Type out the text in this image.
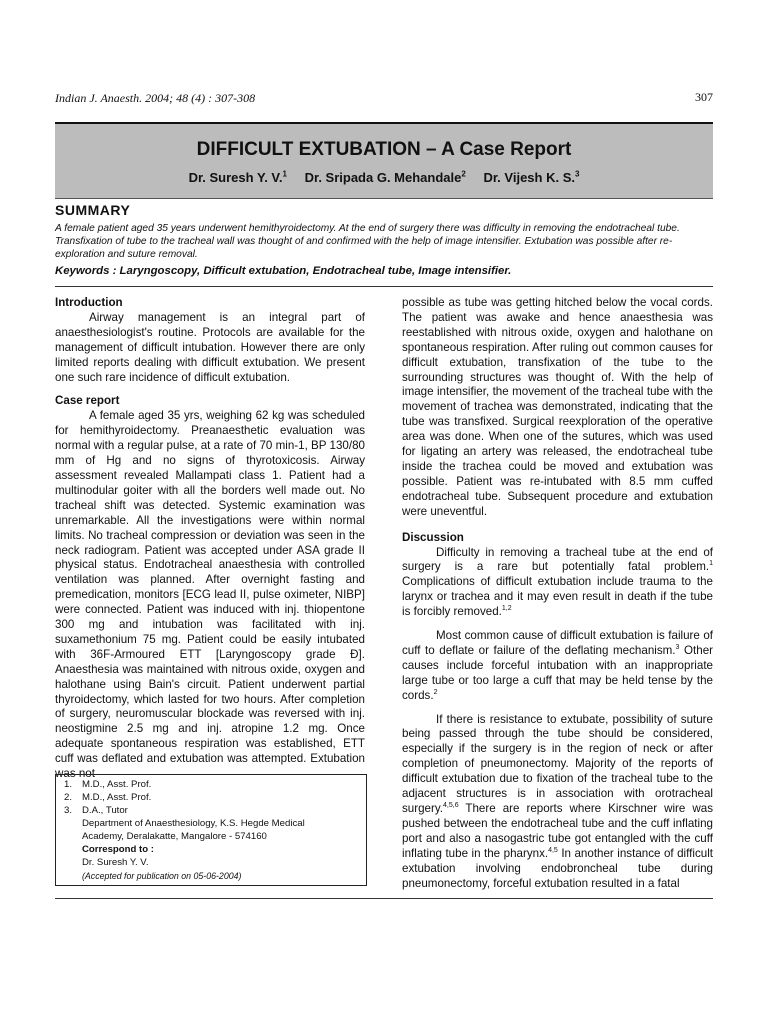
Indian J. Anaesth. 2004; 48 (4) : 307-308	307
DIFFICULT EXTUBATION – A Case Report
Dr. Suresh Y. V.$^1$ Dr. Sripada G. Mehandale$^2$ Dr. Vijesh K. S.$^3$
SUMMARY
A female patient aged 35 years underwent hemithyroidectomy. At the end of surgery there was difficulty in removing the endotracheal tube. Transfixation of tube to the tracheal wall was thought of and confirmed with the help of image intensifier. Extubation was possible after re-exploration and suture removal.
Keywords : Laryngoscopy, Difficult extubation, Endotracheal tube, Image intensifier.
Introduction

Airway management is an integral part of anaesthesiologist's routine. Protocols are available for the management of difficult intubation. However there are only limited reports dealing with difficult extubation. We present one such rare incidence of difficult extubation.

Case report

A female aged 35 yrs, weighing 62 kg was scheduled for hemithyroidectomy. Preanaesthetic evaluation was normal with a regular pulse, at a rate of 70 min-1, BP 130/80 mm of Hg and no signs of thyrotoxicosis. Airway assessment revealed Mallampati class 1. Patient had a multinodular goiter with all the borders well made out. No tracheal shift was detected. Systemic examination was unremarkable. All the investigations were within normal limits. No tracheal compression or deviation was seen in the neck radiogram. Patient was accepted under ASA grade II physical status. Endotracheal anaesthesia with controlled ventilation was planned. After overnight fasting and premedication, monitors [ECG lead II, pulse oximeter, NIBP] were connected. Patient was induced with inj. thiopentone 300 mg and intubation was facilitated with inj. suxamethonium 75 mg. Patient could be easily intubated with 36F-Armoured ETT [Laryngoscopy grade Ð]. Anaesthesia was maintained with nitrous oxide, oxygen and halothane using Bain's circuit. Patient underwent partial thyroidectomy, which lasted for two hours. After completion of surgery, neuromuscular blockade was reversed with inj. neostigmine 2.5 mg and inj. atropine 1.2 mg. Once adequate spontaneous respiration was established, ETT cuff was deflated and extubation was attempted. Extubation was not

possible as tube was getting hitched below the vocal cords. The patient was awake and hence anaesthesia was reestablished with nitrous oxide, oxygen and halothane on spontaneous respiration. After ruling out common causes for difficult extubation, transfixation of the tube to the surrounding structures was thought of. With the help of image intensifier, the movement of the tracheal tube with the movement of trachea was demonstrated, indicating that the tube was transfixed. Surgical reexploration of the operative area was done. When one of the sutures, which was used for ligating an artery was released, the endotracheal tube inside the trachea could be moved and extubation was possible. Patient was re-intubated with 8.5 mm cuffed endotracheal tube. Subsequent procedure and extubation were uneventful.

Discussion

Difficulty in removing a tracheal tube at the end of surgery is a rare but potentially fatal problem.$^1$ Complications of difficult extubation include trauma to the larynx or trachea and it may even result in death if the tube is forcibly removed.$^{1,2}$

Most common cause of difficult extubation is failure of cuff to deflate or failure of the deflating mechanism.$^3$ Other causes include forceful intubation with an inappropriate large tube or too large a cuff that may be held tense by the cords.$^2$

If there is resistance to extubate, possibility of suture being passed through the tube should be considered, especially if the surgery is in the region of neck or after completion of pneumonectomy. Majority of the reports of difficult extubation due to fixation of the tracheal tube to the adjacent structures is in association with orotracheal surgery.$^{4,5,6}$ There are reports where Kirschner wire was pushed between the endotracheal tube and the cuff inflating port and also a nasogastric tube got entangled with the cuff inflating tube in the pharynx.$^{4,5}$ In another instance of difficult extubation involving endobroncheal tube during pneumonectomy, forceful extubation resulted in a fatal

1. M.D., Asst. Prof.
2. M.D., Asst. Prof.
3. D.A., Tutor
Department of Anaesthesiology, K.S. Hegde Medical
Academy, Deralakatte, Mangalore - 574160
Correspond to :
Dr. Suresh Y. V.
(Accepted for publication on 05-06-2004)
